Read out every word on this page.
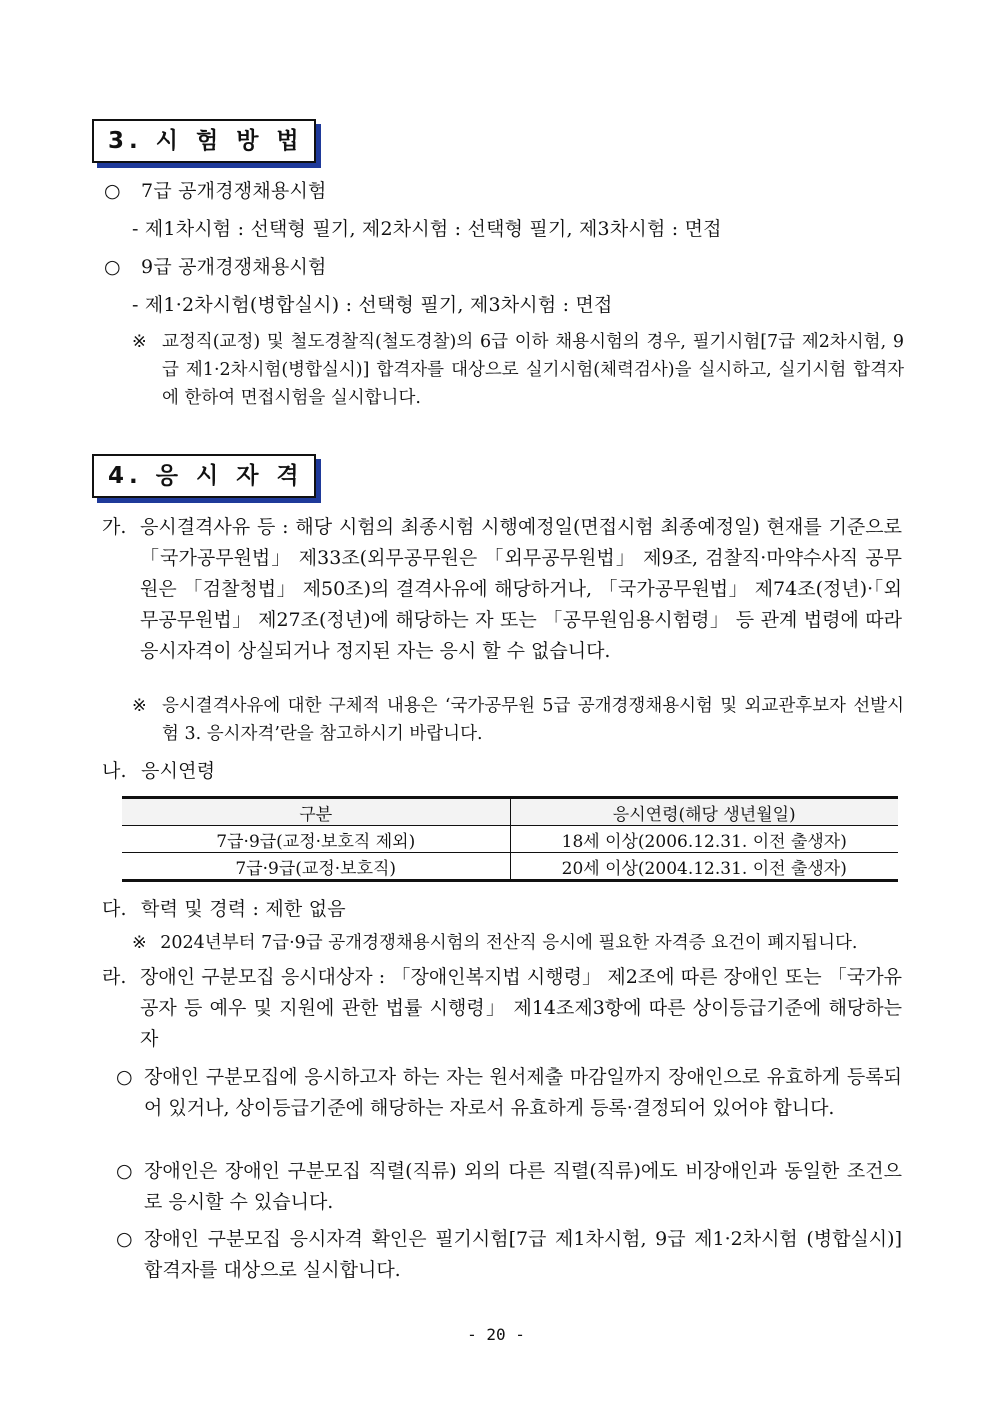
3. 시 험 방 법
○ 7급 공개경쟁채용시험
- 제1차시험 : 선택형 필기, 제2차시험 : 선택형 필기, 제3차시험 : 면접
○ 9급 공개경쟁채용시험
- 제1·2차시험(병합실시) : 선택형 필기, 제3차시험 : 면접
※ 교정직(교정) 및 철도경찰직(철도경찰)의 6급 이하 채용시험의 경우, 필기시험[7급 제2차시험, 9급 제1·2차시험(병합실시)] 합격자를 대상으로 실기시험(체력검사)을 실시하고, 실기시험 합격자에 한하여 면접시험을 실시합니다.
4. 응 시 자 격
가. 응시결격사유 등 : 해당 시험의 최종시험 시행예정일(면접시험 최종예정일) 현재를 기준으로 「국가공무원법」 제33조(외무공무원은 「외무공무원법」 제9조, 검찰직·마약수사직 공무원은 「검찰청법」 제50조)의 결격사유에 해당하거나, 「국가공무원법」 제74조(정년)·「외무공무원법」 제27조(정년)에 해당하는 자 또는 「공무원임용시험령」 등 관계 법령에 따라 응시자격이 상실되거나 정지된 자는 응시 할 수 없습니다.
※ 응시결격사유에 대한 구체적 내용은 ‘국가공무원 5급 공개경쟁채용시험 및 외교관후보자 선발시험 3. 응시자격’란을 참고하시기 바랍니다.
나. 응시연령
구분	응시연령(해당 생년월일)
7급·9급(교정·보호직 제외)	18세 이상(2006.12.31. 이전 출생자)
7급·9급(교정·보호직)	20세 이상(2004.12.31. 이전 출생자)
다. 학력 및 경력 : 제한 없음
※ 2024년부터 7급·9급 공개경쟁채용시험의 전산직 응시에 필요한 자격증 요건이 폐지됩니다.
라. 장애인 구분모집 응시대상자 : 「장애인복지법 시행령」 제2조에 따른 장애인 또는 「국가유공자 등 예우 및 지원에 관한 법률 시행령」 제14조제3항에 따른 상이등급기준에 해당하는 자
○ 장애인 구분모집에 응시하고자 하는 자는 원서제출 마감일까지 장애인으로 유효하게 등록되어 있거나, 상이등급기준에 해당하는 자로서 유효하게 등록·결정되어 있어야 합니다.
○ 장애인은 장애인 구분모집 직렬(직류) 외의 다른 직렬(직류)에도 비장애인과 동일한 조건으로 응시할 수 있습니다.
○ 장애인 구분모집 응시자격 확인은 필기시험[7급 제1차시험, 9급 제1·2차시험 (병합실시)] 합격자를 대상으로 실시합니다.
- 20 -
